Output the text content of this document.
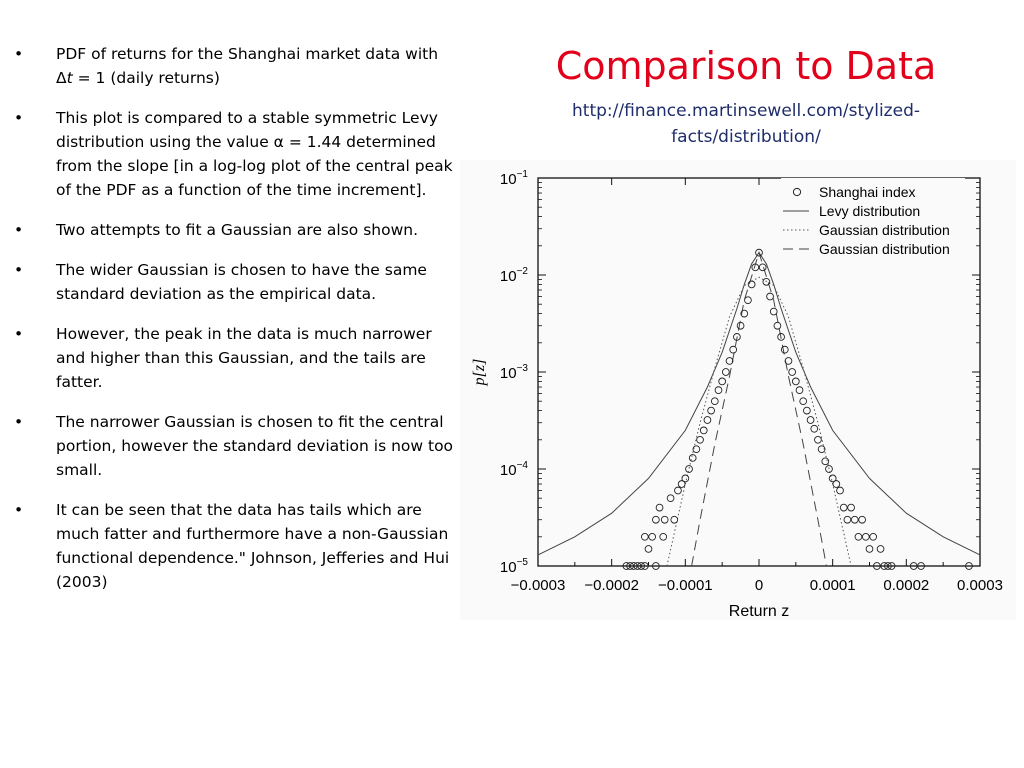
•	PDF of returns for the Shanghai market data with Δt = 1 (daily returns)
•	This plot is compared to a stable symmetric Levy distribution using the value α = 1.44 determined from the slope [in a log-log plot of the central peak of the PDF as a function of the time increment].
•	Two attempts to fit a Gaussian are also shown.
•	The wider Gaussian is chosen to have the same standard deviation as the empirical data.
•	However, the peak in the data is much narrower and higher than this Gaussian, and the tails are fatter.
•	The narrower Gaussian is chosen to fit the central portion, however the standard deviation is now too small.
•	It can be seen that the data has tails which are much fatter and furthermore have a non-Gaussian functional dependence." Johnson, Jefferies and Hui (2003)
Comparison to Data
http://finance.martinsewell.com/stylized-facts/distribution/
−0.0003 −0.0002 −0.0001	0	0.0001 0.0002 0.0003
$10^{-1}$
$10^{-2}$
$10^{-3}$
$10^{-4}$
$10^{-5}$
Return z
p[z]
Shanghai index
Levy distribution
Gaussian distribution
Gaussian distribution
